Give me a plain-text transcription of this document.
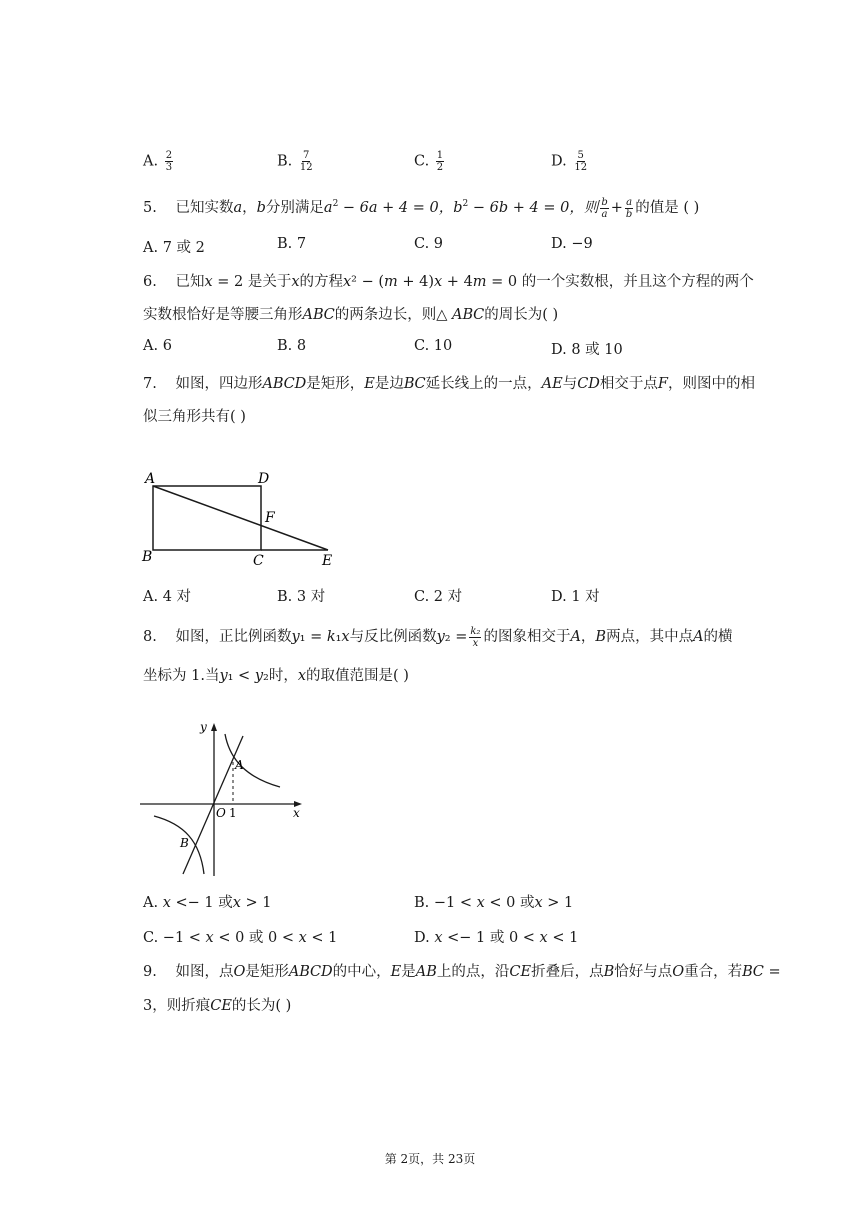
A. $\frac{2}{3}$	B. $\frac{7}{12}$	C. $\frac{1}{2}$	D. $\frac{5}{12}$
5. 已知实数a，b分别满足$a^2 - 6a + 4 = 0$，$b^2 - 6b + 4 = 0$，则 $\frac{b}{a} + \frac{a}{b}$ 的值是 ( )
A. 7 或 2	B. 7	C. 9	D. −9
6. 已知𝑥 = 2 是关于𝑥的方程𝑥² − (𝑚 + 4)𝑥 + 4𝑚 = 0 的一个实数根，并且这个方程的两个
实数根恰好是等腰三角形𝐴𝐵𝐶的两条边长，则△ 𝐴𝐵𝐶的周长为( )
A. 6	B. 8	C. 10	D. 8 或 10
7. 如图，四边形𝐴𝐵𝐶𝐷是矩形，𝐸是边𝐵𝐶延长线上的一点，𝐴𝐸与𝐶𝐷相交于点𝐹，则图中的相
似三角形共有( )
A	D
B	C
F
E
A. 4 对	B. 3 对	C. 2 对	D. 1 对
8. 如图，正比例函数𝑦₁ = 𝑘₁𝑥与反比例函数𝑦₂ = $\frac{\text{k₂}}{x}$ 的图象相交于𝐴，𝐵两点，其中点𝐴的横
坐标为 1.当𝑦₁ < 𝑦₂时，𝑥的取值范围是( )
y
x
O 1
A
B
A. 𝑥 <− 1 或𝑥 > 1	B. −1 < 𝑥 < 0 或𝑥 > 1
C. −1 < 𝑥 < 0 或 0 < 𝑥 < 1	D. 𝑥 <− 1 或 0 < 𝑥 < 1
9. 如图，点𝑂是矩形𝐴𝐵𝐶𝐷的中心，𝐸是𝐴𝐵上的点，沿𝐶𝐸折叠后，点𝐵恰好与点𝑂重合，若𝐵𝐶 =
3，则折痕𝐶𝐸的长为( )
第 2页，共 23页
